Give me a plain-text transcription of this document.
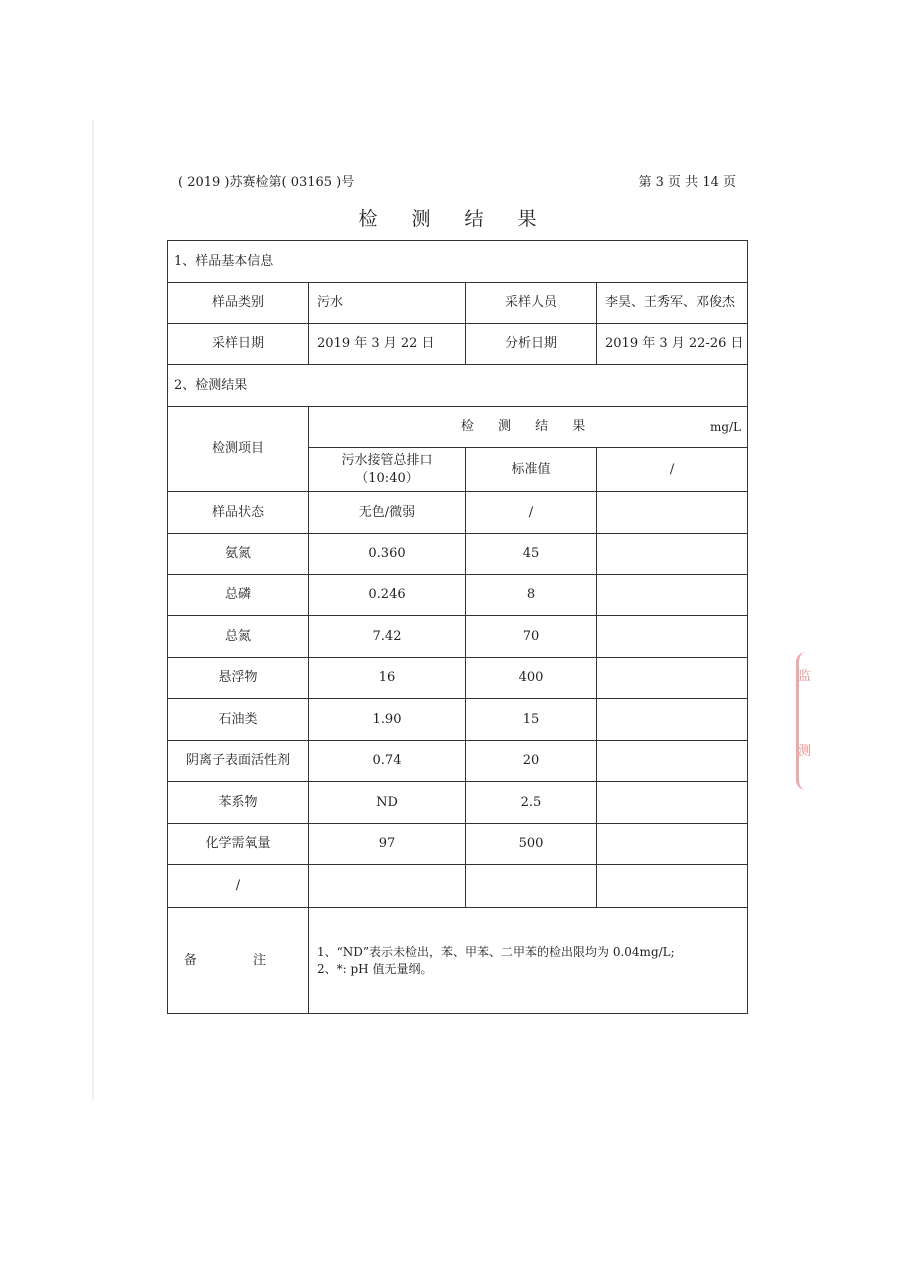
( 2019 )苏赛检第( 03165 )号	第 3 页 共 14 页
检 测 结 果
1、样品基本信息			
样品类别	污水	采样人员	李昊、王秀军、邓俊杰
采样日期	2019 年 3 月 22 日	分析日期	2019 年 3 月 22-26 日
2、检测结果			
检测项目	检 测 结 果 mg/L		

	污水接管总排口
（10:40）	标准值	/
样品状态	无色/微弱	/	
氨氮	0.360	45	
总磷	0.246	8	
总氮	7.42	70	
悬浮物	16	400	
石油类	1.90	15	
阴离子表面活性剂	0.74	20	
苯系物	ND	2.5	
化学需氧量	97	500	
/			
备 注	1、“ND”表示未检出，苯、甲苯、二甲苯的检出限均为 0.04mg/L;
2、*: pH 值无量纲。		
监
测
